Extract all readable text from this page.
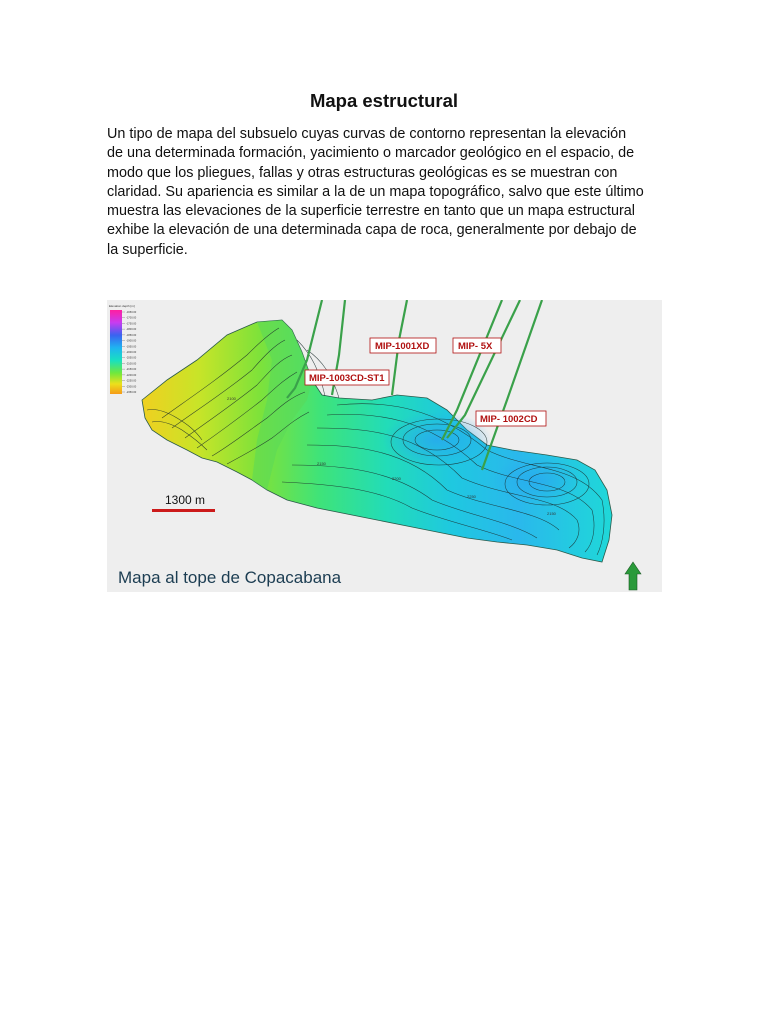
Mapa estructural
Un tipo de mapa del subsuelo cuyas curvas de contorno representan la elevación
de una determinada formación, yacimiento o marcador geológico en el espacio, de
modo que los pliegues, fallas y otras estructuras geológicas es se muestran con
claridad. Su apariencia es similar a la de un mapa topográfico, salvo que este último
muestra las elevaciones de la superficie terrestre en tanto que un mapa estructural
exhibe la elevación de una determinada capa de roca, generalmente por debajo de
la superficie.
Elevation depth [m]
-1650.00
-1700.00
-1750.00
-1800.00
-1850.00
-1900.00
-1950.00
-2000.00
-2050.00
-2100.00
-2150.00
-2200.00
-2250.00
-2300.00
-2350.00
2100
2150
2200
2250
2150
MIP-1001XD	MIP- 5X
MIP-1003CD-ST1
MIP- 1002CD
1300 m
Mapa al tope de Copacabana
